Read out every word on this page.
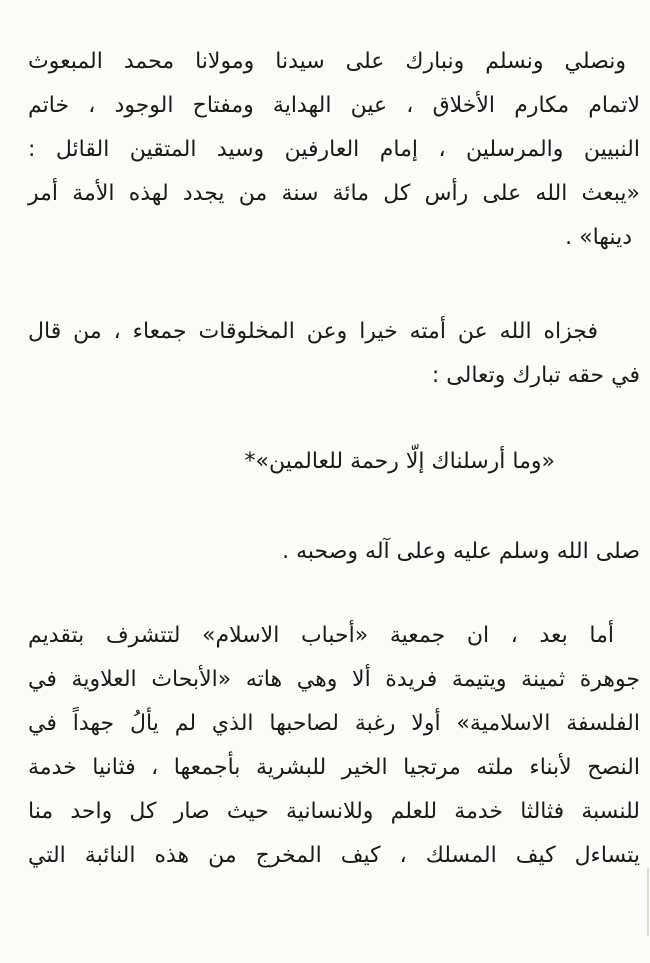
ونصلي ونسلم ونبارك على سيدنا ومولانا محمد المبعوث
لاتمام مكارم الأخلاق ، عين الهداية ومفتاح الوجود ، خاتم
النبيين والمرسلين ، إمام العارفين وسيد المتقين القائل :
«يبعث الله على رأس كل مائة سنة من يجدد لهذه الأمة أمر
دينها» .
فجزاه الله عن أمته خيرا وعن المخلوقات جمعاء ، من قال
في حقه تبارك وتعالى :
«وما أرسلناك إلّا رحمة للعالمين»*
صلى الله وسلم عليه وعلى آله وصحبه .
أما بعد ، ان جمعية «أحباب الاسلام» لتتشرف بتقديم
جوهرة ثمينة ويتيمة فريدة ألا وهي هاته «الأبحاث العلاوية في
الفلسفة الاسلامية» أولا رغبة لصاحبها الذي لم يألُ جهداً في
النصح لأبناء ملته مرتجيا الخير للبشرية بأجمعها ، فثانيا خدمة
للنسبة فثالثا خدمة للعلم وللانسانية حيث صار كل واحد منا
يتساءل كيف المسلك ، كيف المخرج من هذه النائبة التي
